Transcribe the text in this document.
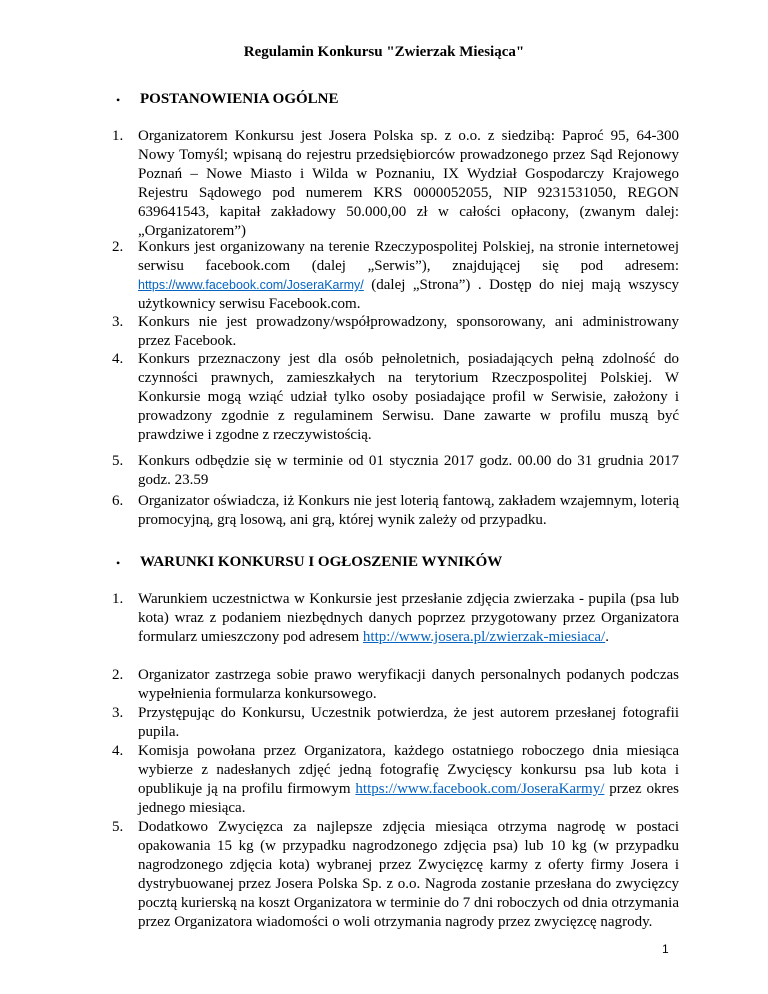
Regulamin Konkursu "Zwierzak Miesiąca"
• POSTANOWIENIA OGÓLNE
1. Organizatorem Konkursu jest Josera Polska sp. z o.o. z siedzibą: Paproć 95, 64-300 Nowy Tomyśl; wpisaną do rejestru przedsiębiorców prowadzonego przez Sąd Rejonowy Poznań – Nowe Miasto i Wilda w Poznaniu, IX Wydział Gospodarczy Krajowego Rejestru Sądowego pod numerem KRS 0000052055, NIP 9231531050, REGON 639641543, kapitał zakładowy 50.000,00 zł w całości opłacony, (zwanym dalej: „Organizatorem”)
2. Konkurs jest organizowany na terenie Rzeczypospolitej Polskiej, na stronie internetowej serwisu facebook.com (dalej „Serwis”), znajdującej się pod adresem: https://www.facebook.com/JoseraKarmy/ (dalej „Strona”) . Dostęp do niej mają wszyscy użytkownicy serwisu Facebook.com.
3. Konkurs nie jest prowadzony/współprowadzony, sponsorowany, ani administrowany przez Facebook.
4. Konkurs przeznaczony jest dla osób pełnoletnich, posiadających pełną zdolność do czynności prawnych, zamieszkałych na terytorium Rzeczpospolitej Polskiej. W Konkursie mogą wziąć udział tylko osoby posiadające profil w Serwisie, założony i prowadzony zgodnie z regulaminem Serwisu. Dane zawarte w profilu muszą być prawdziwe i zgodne z rzeczywistością.
5. Konkurs odbędzie się w terminie od 01 stycznia 2017 godz. 00.00 do 31 grudnia 2017 godz. 23.59
6. Organizator oświadcza, iż Konkurs nie jest loterią fantową, zakładem wzajemnym, loterią promocyjną, grą losową, ani grą, której wynik zależy od przypadku.
• WARUNKI KONKURSU I OGŁOSZENIE WYNIKÓW
1. Warunkiem uczestnictwa w Konkursie jest przesłanie zdjęcia zwierzaka - pupila (psa lub kota) wraz z podaniem niezbędnych danych poprzez przygotowany przez Organizatora formularz umieszczony pod adresem http://www.josera.pl/zwierzak-miesiaca/.
2. Organizator zastrzega sobie prawo weryfikacji danych personalnych podanych podczas wypełnienia formularza konkursowego.
3. Przystępując do Konkursu, Uczestnik potwierdza, że jest autorem przesłanej fotografii pupila.
4. Komisja powołana przez Organizatora, każdego ostatniego roboczego dnia miesiąca wybierze z nadesłanych zdjęć jedną fotografię Zwycięscy konkursu psa lub kota i opublikuje ją na profilu firmowym https://www.facebook.com/JoseraKarmy/ przez okres jednego miesiąca.
5. Dodatkowo Zwycięzca za najlepsze zdjęcia miesiąca otrzyma nagrodę w postaci opakowania 15 kg (w przypadku nagrodzonego zdjęcia psa) lub 10 kg (w przypadku nagrodzonego zdjęcia kota) wybranej przez Zwycięzcę karmy z oferty firmy Josera i dystrybuowanej przez Josera Polska Sp. z o.o. Nagroda zostanie przesłana do zwycięzcy pocztą kurierską na koszt Organizatora w terminie do 7 dni roboczych od dnia otrzymania przez Organizatora wiadomości o woli otrzymania nagrody przez zwycięzcę nagrody.
1
